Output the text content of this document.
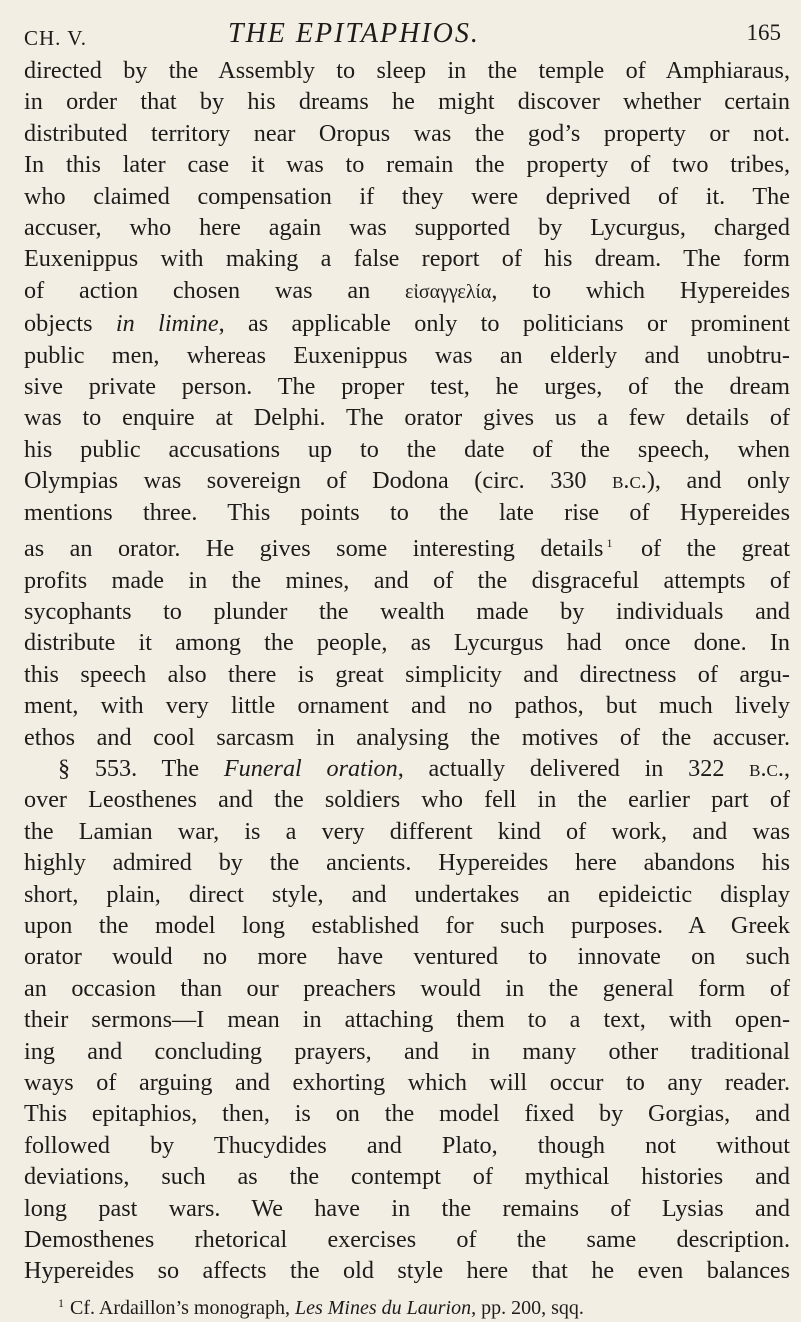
CH. V.	THE EPITAPHIOS.	165
directed by the Assembly to sleep in the temple of Amphiaraus,
in order that by his dreams he might discover whether certain
distributed territory near Oropus was the god’s property or not.
In this later case it was to remain the property of two tribes,
who claimed compensation if they were deprived of it. The
accuser, who here again was supported by Lycurgus, charged
Euxenippus with making a false report of his dream. The form
of action chosen was an εἰσαγγελία, to which Hypereides
objects in limine, as applicable only to politicians or prominent
public men, whereas Euxenippus was an elderly and unobtru-
sive private person. The proper test, he urges, of the dream
was to enquire at Delphi. The orator gives us a few details of
his public accusations up to the date of the speech, when
Olympias was sovereign of Dodona (circ. 330 b.c.), and only
mentions three. This points to the late rise of Hypereides
as an orator. He gives some interesting details $^1$ of the great
profits made in the mines, and of the disgraceful attempts of
sycophants to plunder the wealth made by individuals and
distribute it among the people, as Lycurgus had once done. In
this speech also there is great simplicity and directness of argu-
ment, with very little ornament and no pathos, but much lively
ethos and cool sarcasm in analysing the motives of the accuser.
§ 553. The Funeral oration, actually delivered in 322 b.c.,
over Leosthenes and the soldiers who fell in the earlier part of
the Lamian war, is a very different kind of work, and was
highly admired by the ancients. Hypereides here abandons his
short, plain, direct style, and undertakes an epideictic display
upon the model long established for such purposes. A Greek
orator would no more have ventured to innovate on such
an occasion than our preachers would in the general form of
their sermons—I mean in attaching them to a text, with open-
ing and concluding prayers, and in many other traditional
ways of arguing and exhorting which will occur to any reader.
This epitaphios, then, is on the model fixed by Gorgias, and
followed by Thucydides and Plato, though not without
deviations, such as the contempt of mythical histories and
long past wars. We have in the remains of Lysias and
Demosthenes rhetorical exercises of the same description.
Hypereides so affects the old style here that he even balances
$^1$ Cf. Ardaillon’s monograph, Les Mines du Laurion, pp. 200, sqq.
